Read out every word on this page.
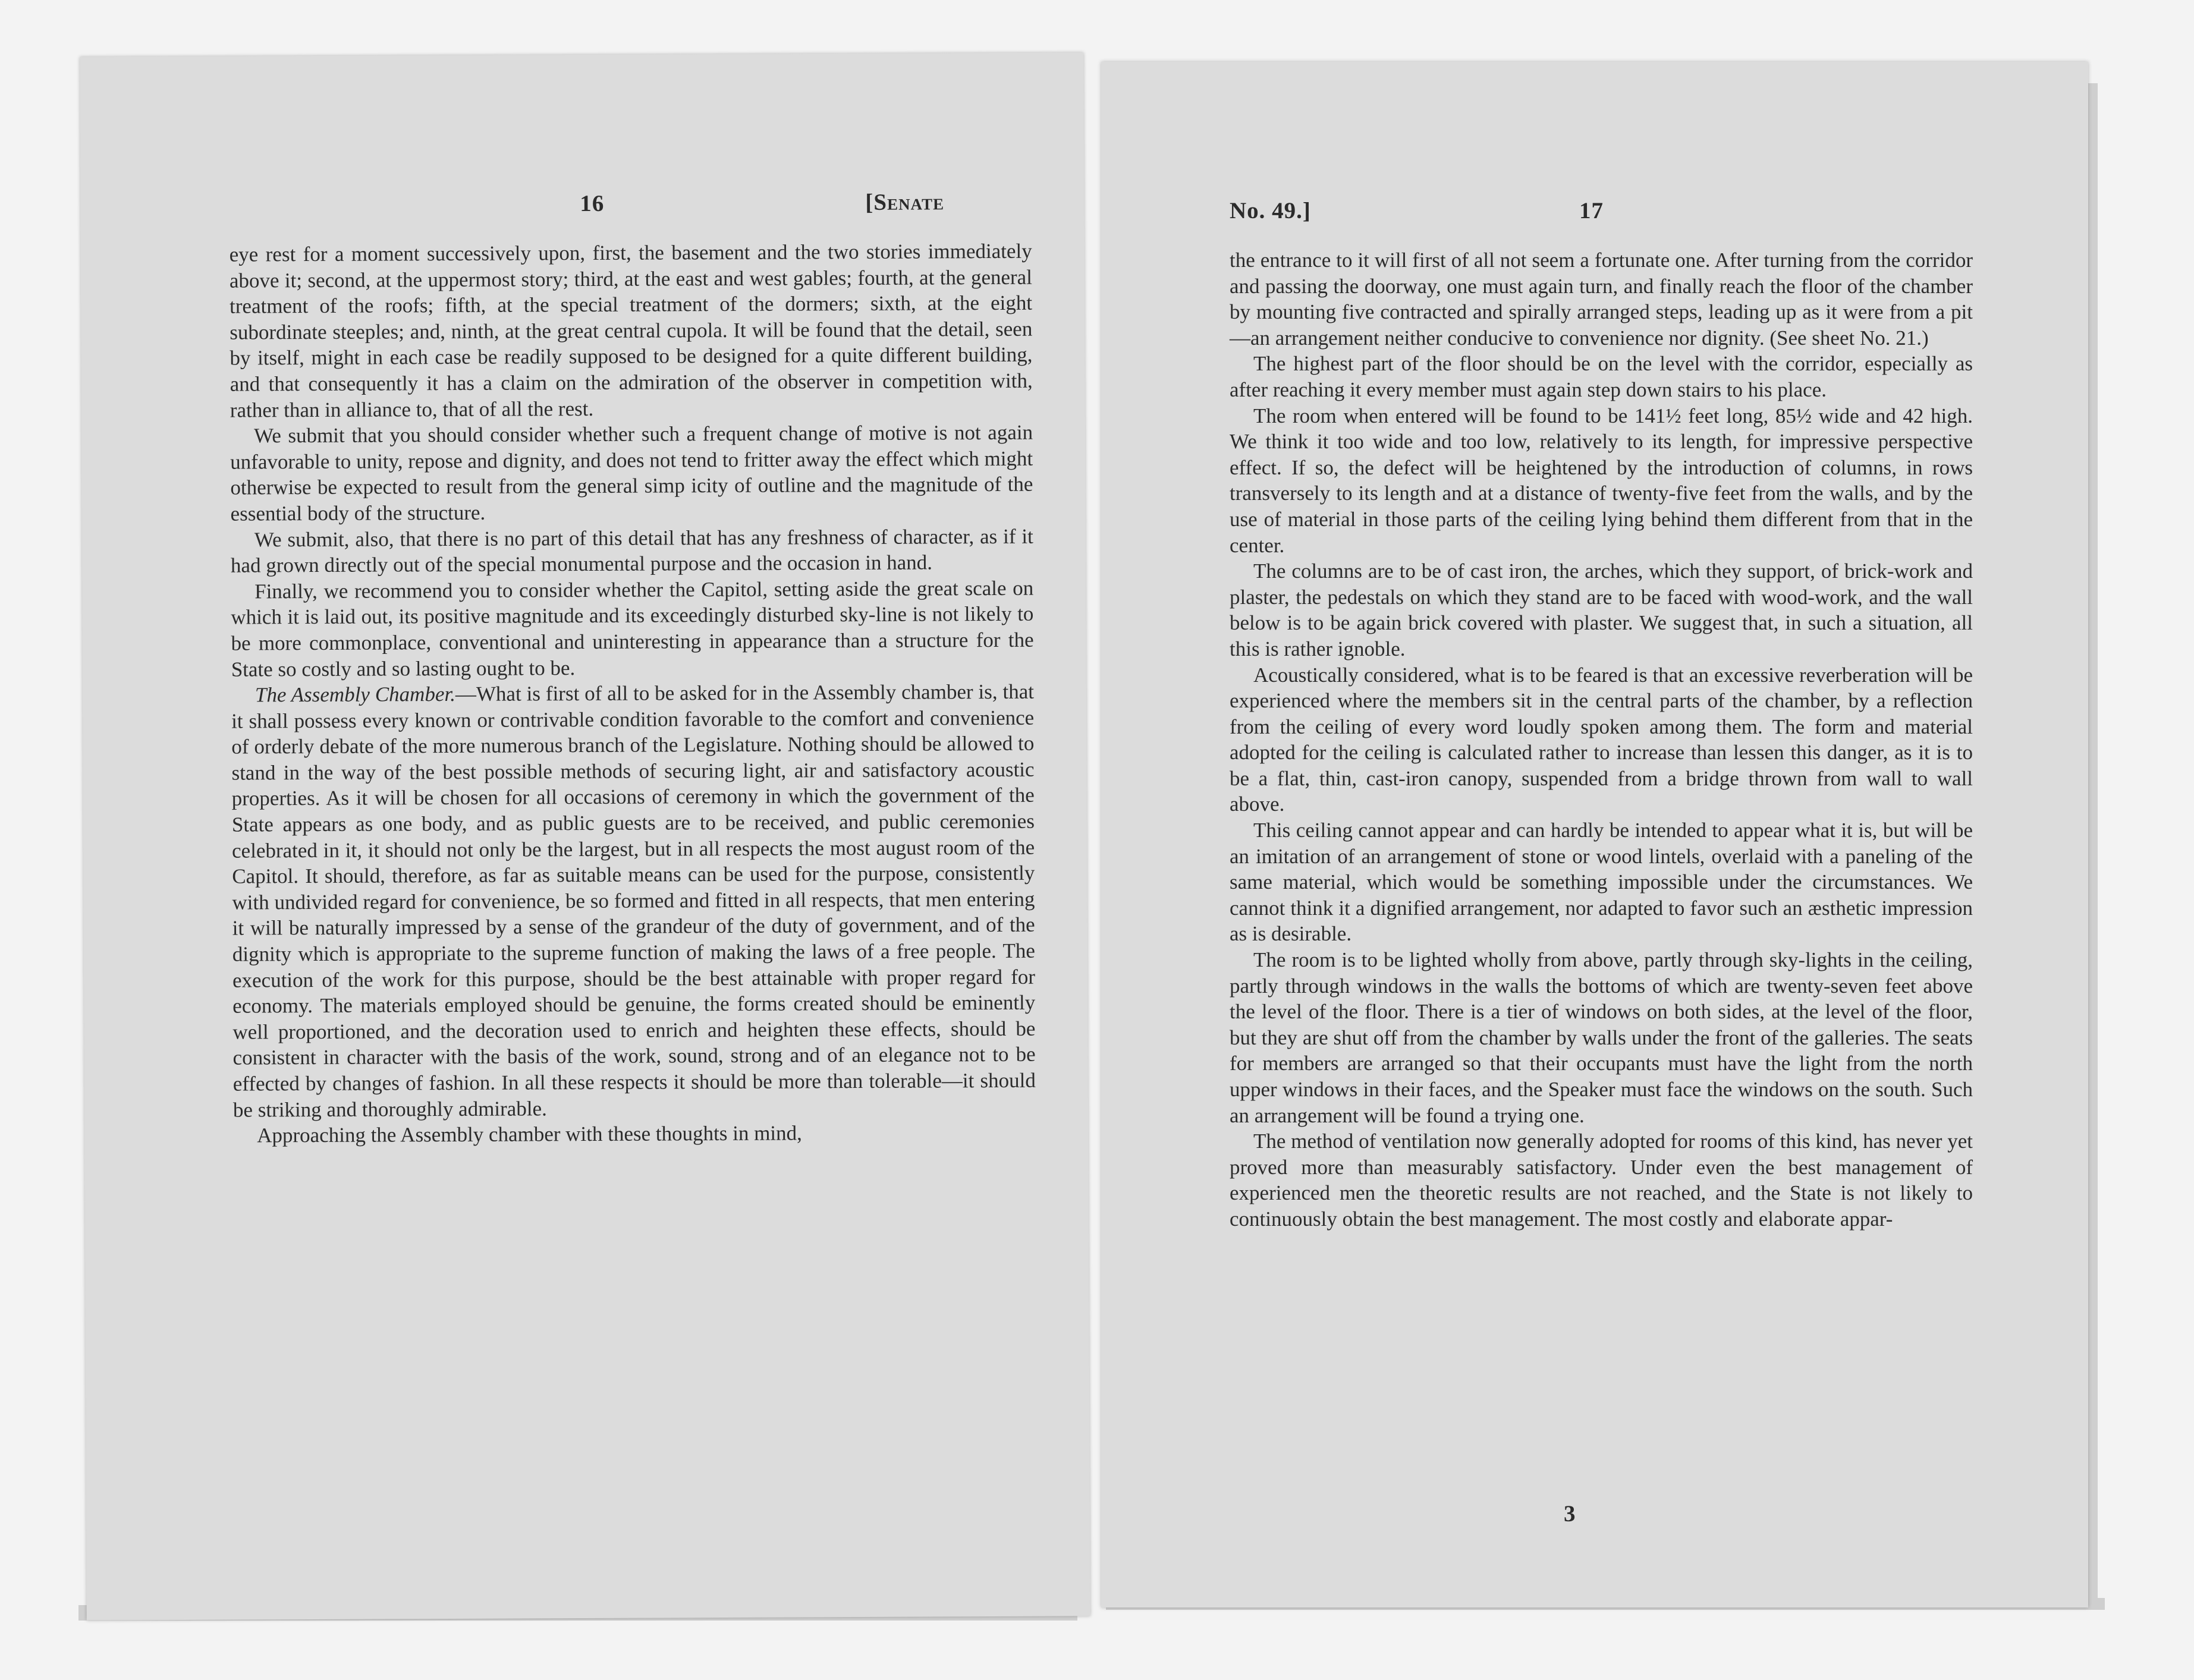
16	[Senate

eye rest for a moment successively upon, first, the basement and the two stories immediately above it; second, at the uppermost story; third, at the east and west gables; fourth, at the general treatment of the roofs; fifth, at the special treatment of the dormers; sixth, at the eight subordinate steeples; and, ninth, at the great central cupola. It will be found that the detail, seen by itself, might in each case be readily supposed to be designed for a quite different building, and that consequently it has a claim on the admiration of the observer in competition with, rather than in alliance to, that of all the rest.

We submit that you should consider whether such a frequent change of motive is not again unfavorable to unity, repose and dignity, and does not tend to fritter away the effect which might otherwise be expected to result from the general simp icity of outline and the magnitude of the essential body of the structure.

We submit, also, that there is no part of this detail that has any freshness of character, as if it had grown directly out of the special monumental purpose and the occasion in hand.

Finally, we recommend you to consider whether the Capitol, setting aside the great scale on which it is laid out, its positive magnitude and its exceedingly disturbed sky-line is not likely to be more commonplace, conventional and uninteresting in appearance than a structure for the State so costly and so lasting ought to be.

The Assembly Chamber.—What is first of all to be asked for in the Assembly chamber is, that it shall possess every known or contrivable condition favorable to the comfort and convenience of orderly debate of the more numerous branch of the Legislature. Nothing should be allowed to stand in the way of the best possible methods of securing light, air and satisfactory acoustic properties. As it will be chosen for all occasions of ceremony in which the government of the State appears as one body, and as public guests are to be received, and public ceremonies celebrated in it, it should not only be the largest, but in all respects the most august room of the Capitol. It should, therefore, as far as suitable means can be used for the purpose, consistently with undivided regard for convenience, be so formed and fitted in all respects, that men entering it will be naturally impressed by a sense of the grandeur of the duty of government, and of the dignity which is appropriate to the supreme function of making the laws of a free people. The execution of the work for this purpose, should be the best attainable with proper regard for economy. The materials employed should be genuine, the forms created should be eminently well proportioned, and the decoration used to enrich and heighten these effects, should be consistent in character with the basis of the work, sound, strong and of an elegance not to be effected by changes of fashion. In all these respects it should be more than tolerable—it should be striking and thoroughly admirable.

Approaching the Assembly chamber with these thoughts in mind,

No. 49.]	17

the entrance to it will first of all not seem a fortunate one. After turning from the corridor and passing the doorway, one must again turn, and finally reach the floor of the chamber by mounting five contracted and spirally arranged steps, leading up as it were from a pit—an arrangement neither conducive to convenience nor dignity. (See sheet No. 21.)

The highest part of the floor should be on the level with the corridor, especially as after reaching it every member must again step down stairs to his place.

The room when entered will be found to be 141½ feet long, 85½ wide and 42 high. We think it too wide and too low, relatively to its length, for impressive perspective effect. If so, the defect will be heightened by the introduction of columns, in rows transversely to its length and at a distance of twenty-five feet from the walls, and by the use of material in those parts of the ceiling lying behind them different from that in the center.

The columns are to be of cast iron, the arches, which they support, of brick-work and plaster, the pedestals on which they stand are to be faced with wood-work, and the wall below is to be again brick covered with plaster. We suggest that, in such a situation, all this is rather ignoble.

Acoustically considered, what is to be feared is that an excessive reverberation will be experienced where the members sit in the central parts of the chamber, by a reflection from the ceiling of every word loudly spoken among them. The form and material adopted for the ceiling is calculated rather to increase than lessen this danger, as it is to be a flat, thin, cast-iron canopy, suspended from a bridge thrown from wall to wall above.

This ceiling cannot appear and can hardly be intended to appear what it is, but will be an imitation of an arrangement of stone or wood lintels, overlaid with a paneling of the same material, which would be something impossible under the circumstances. We cannot think it a dignified arrangement, nor adapted to favor such an æsthetic impression as is desirable.

The room is to be lighted wholly from above, partly through sky-lights in the ceiling, partly through windows in the walls the bottoms of which are twenty-seven feet above the level of the floor. There is a tier of windows on both sides, at the level of the floor, but they are shut off from the chamber by walls under the front of the galleries. The seats for members are arranged so that their occupants must have the light from the north upper windows in their faces, and the Speaker must face the windows on the south. Such an arrangement will be found a trying one.

The method of ventilation now generally adopted for rooms of this kind, has never yet proved more than measurably satisfactory. Under even the best management of experienced men the theoretic results are not reached, and the State is not likely to continuously obtain the best management. The most costly and elaborate appar-

3
